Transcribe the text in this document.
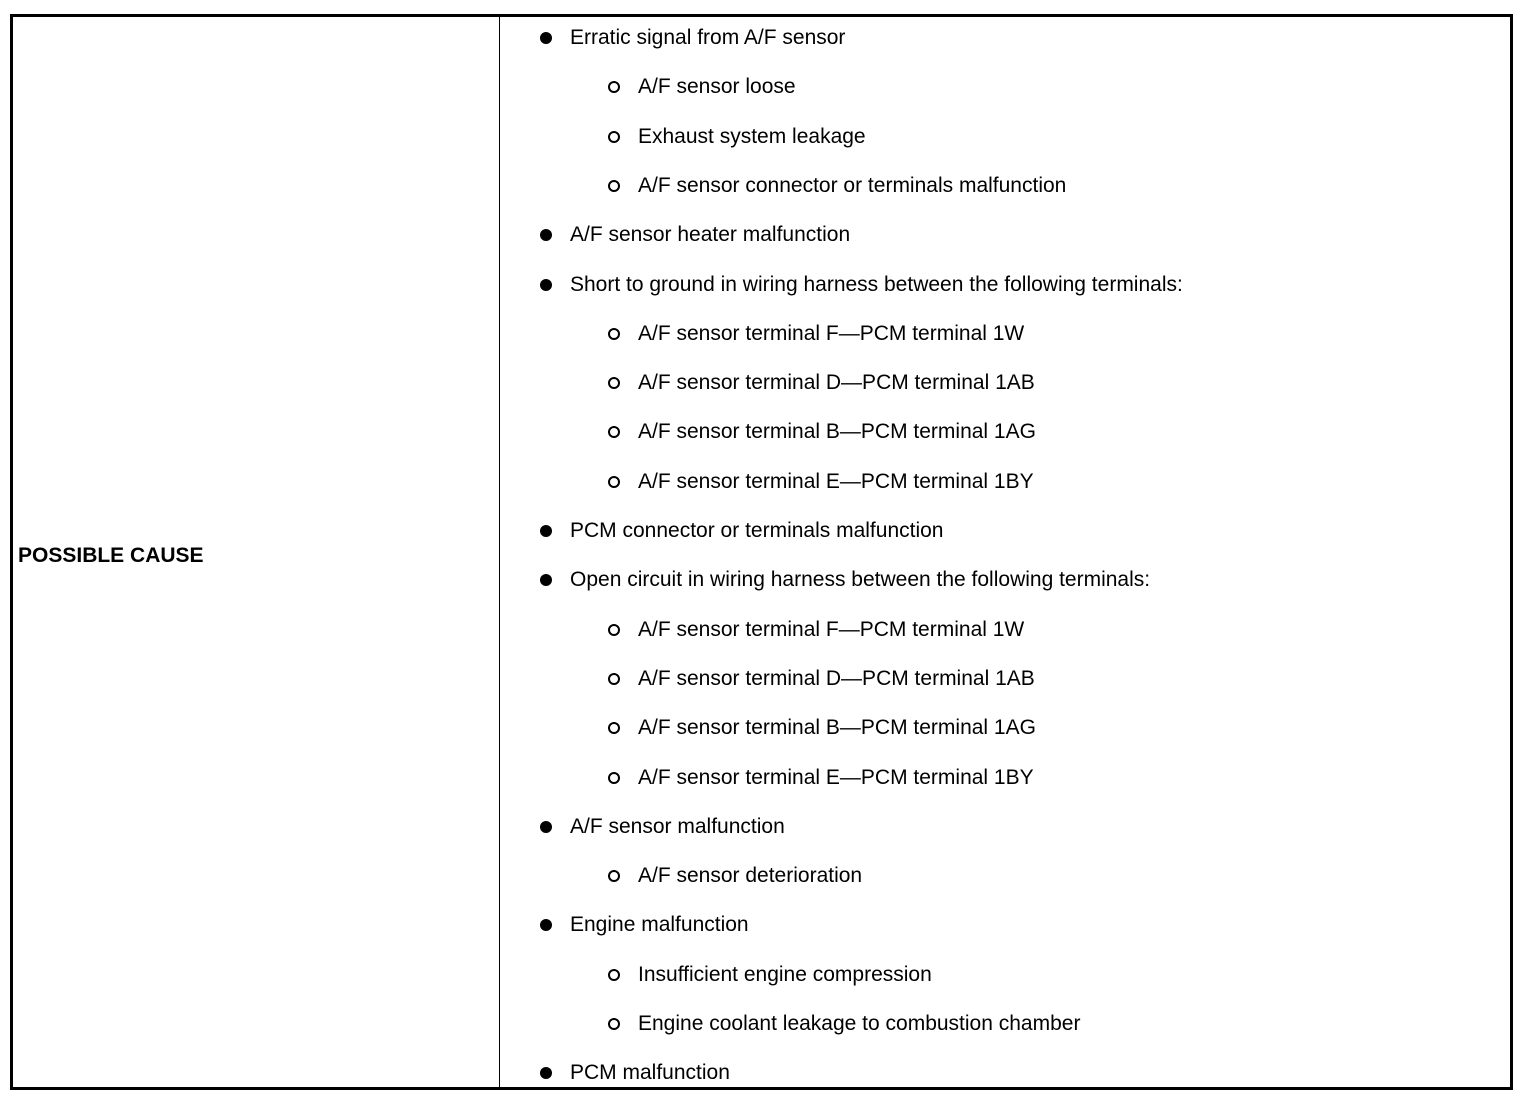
POSSIBLE CAUSE
Erratic signal from A/F sensor
A/F sensor loose
Exhaust system leakage
A/F sensor connector or terminals malfunction
A/F sensor heater malfunction
Short to ground in wiring harness between the following terminals:
A/F sensor terminal F—PCM terminal 1W
A/F sensor terminal D—PCM terminal 1AB
A/F sensor terminal B—PCM terminal 1AG
A/F sensor terminal E—PCM terminal 1BY
PCM connector or terminals malfunction
Open circuit in wiring harness between the following terminals:
A/F sensor terminal F—PCM terminal 1W
A/F sensor terminal D—PCM terminal 1AB
A/F sensor terminal B—PCM terminal 1AG
A/F sensor terminal E—PCM terminal 1BY
A/F sensor malfunction
A/F sensor deterioration
Engine malfunction
Insufficient engine compression
Engine coolant leakage to combustion chamber
PCM malfunction
